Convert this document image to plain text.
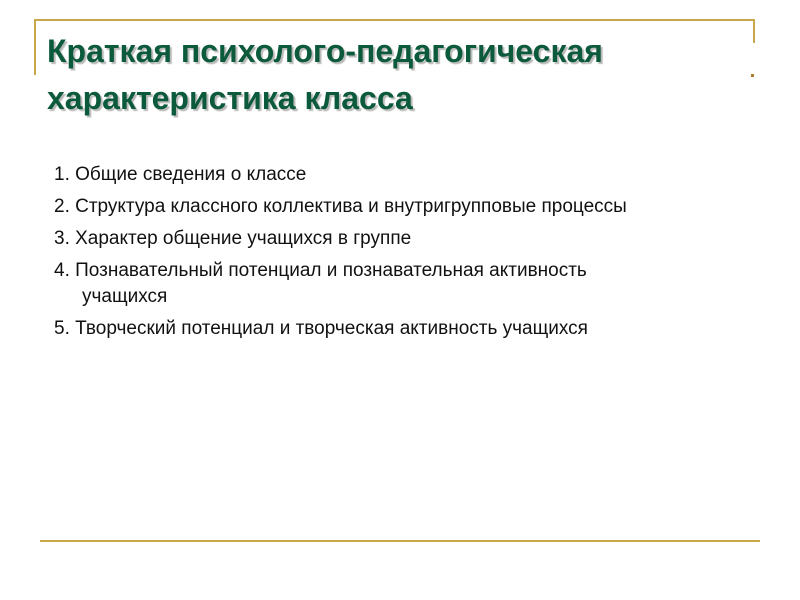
Краткая психолого-педагогическая
характеристика класса
1. Общие сведения о классе
2. Структура классного коллектива и внутригрупповые процессы
3. Характер общение учащихся в группе
4. Познавательный потенциал и познавательная активность
учащихся
5. Творческий потенциал и творческая активность учащихся
